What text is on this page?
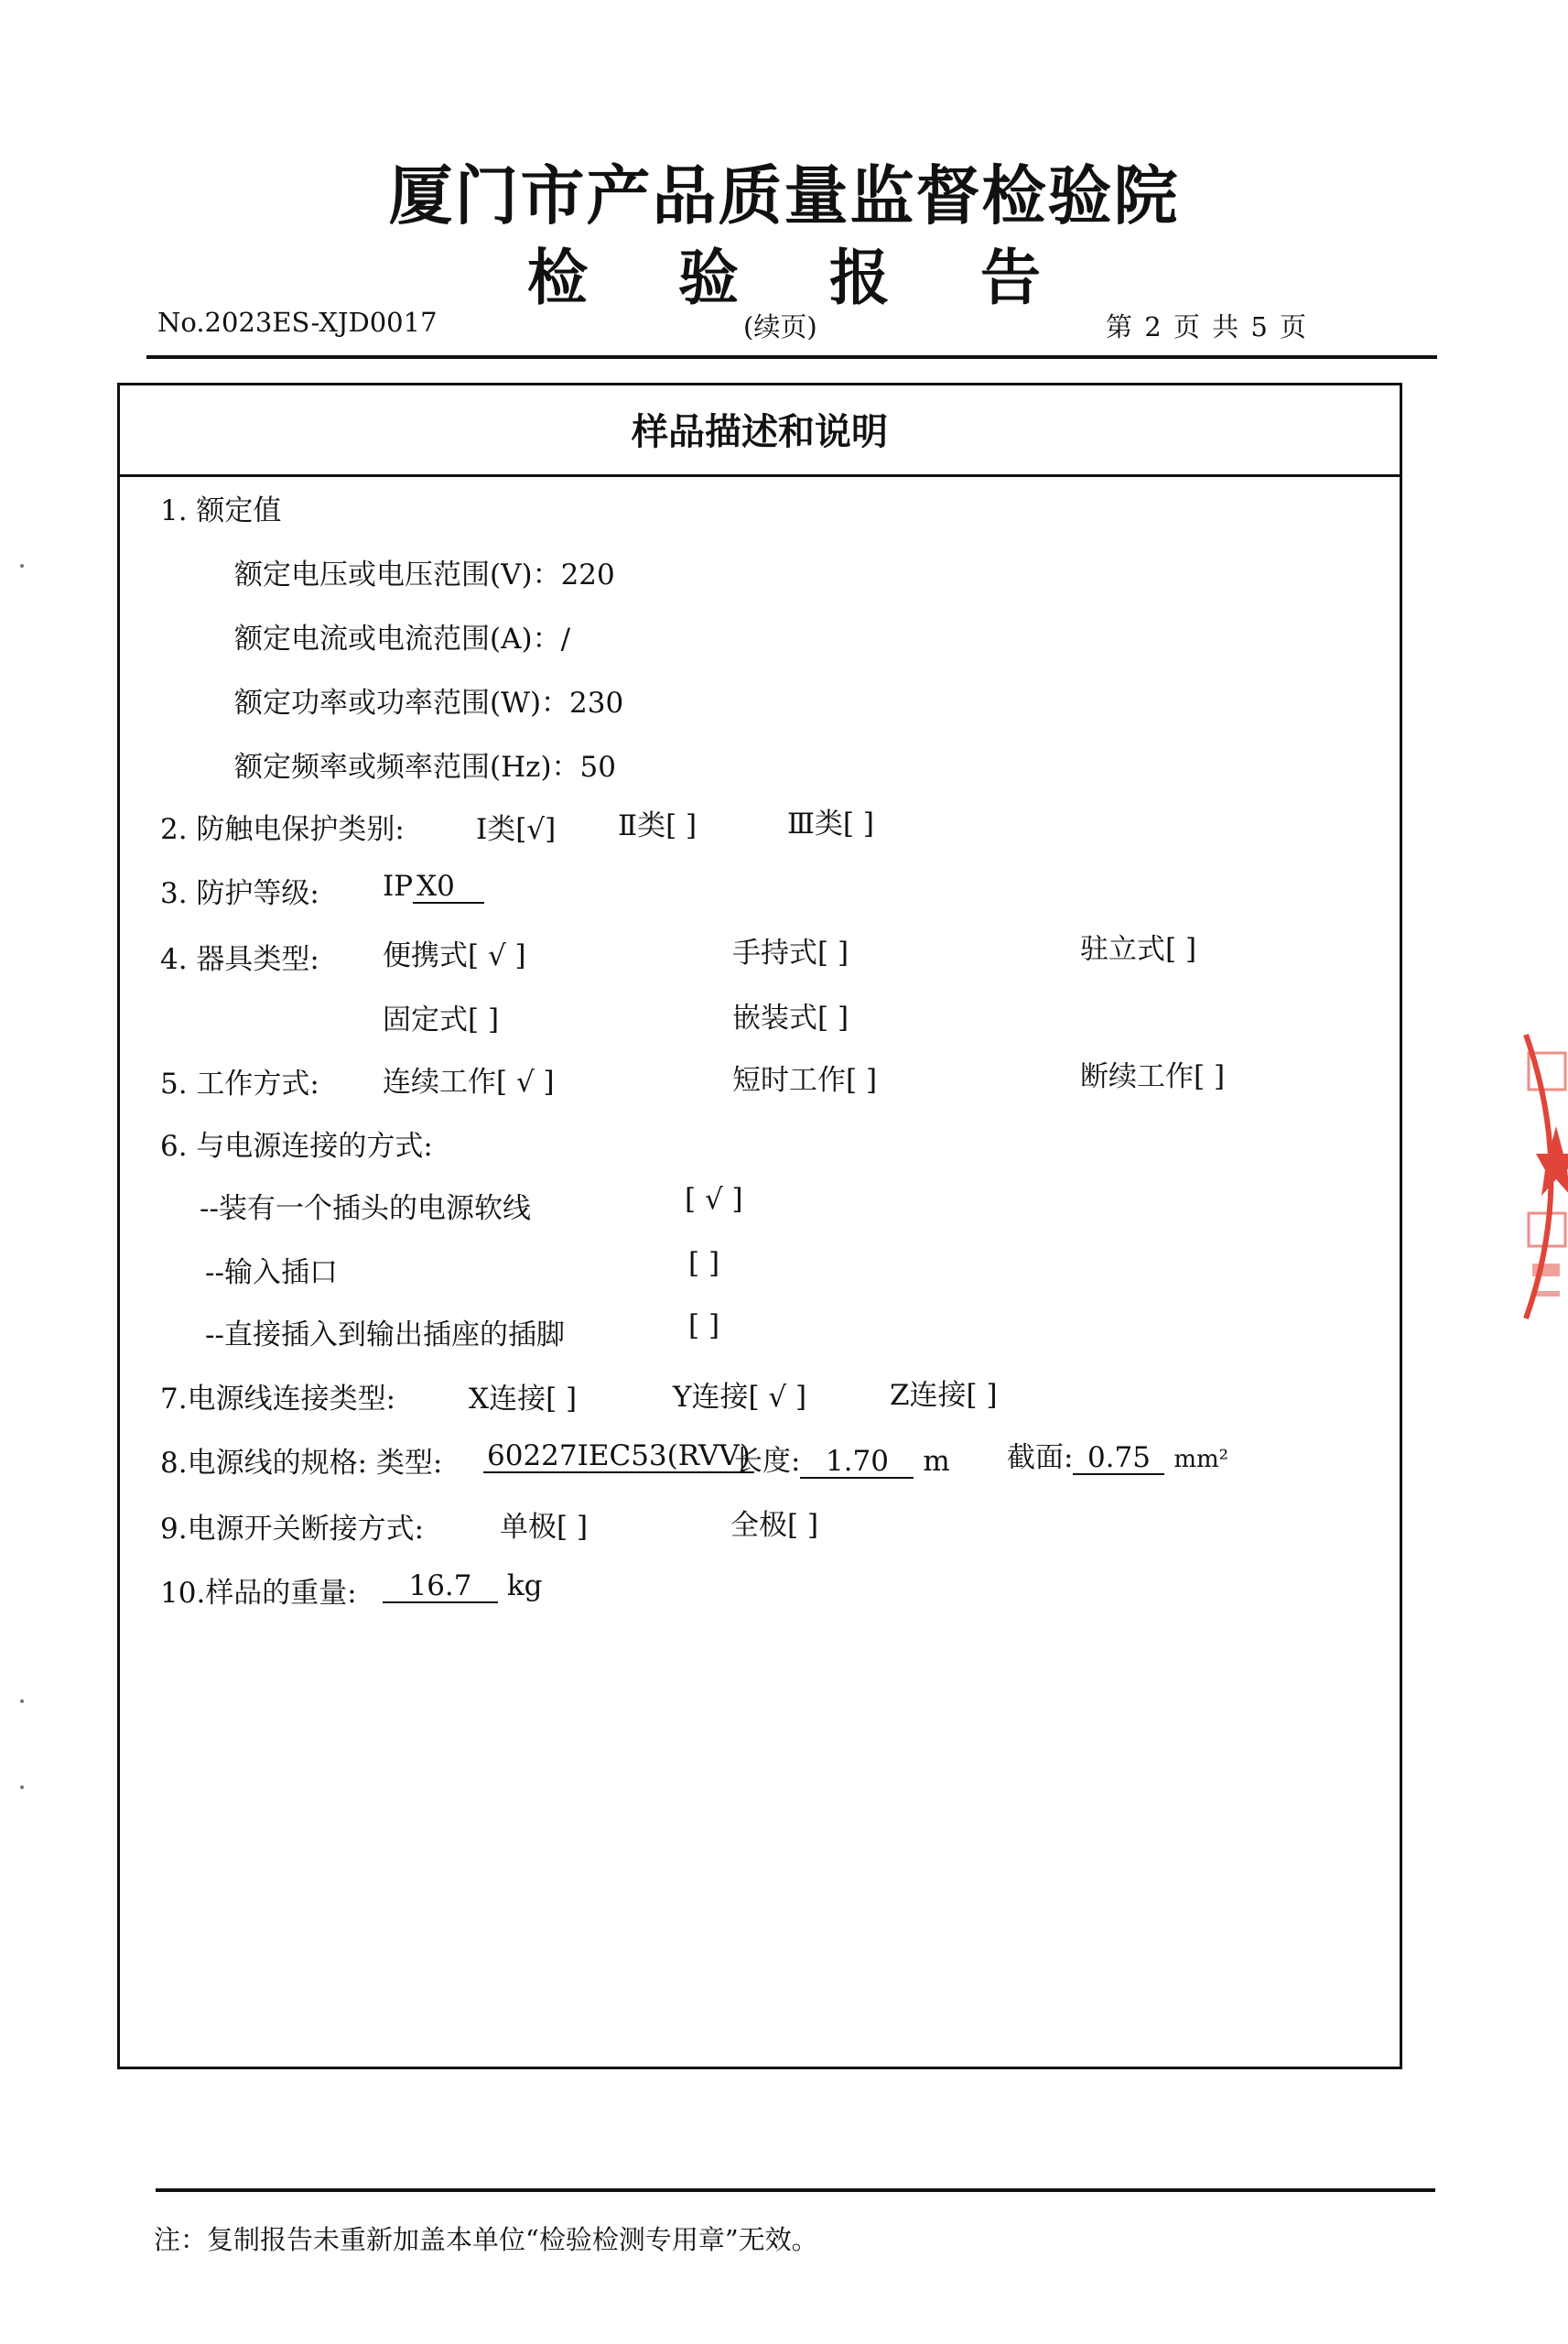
厦门市产品质量监督检验院
检 验 报 告
No.2023ES-XJD0017	(续页)	第 2 页 共 5 页
样品描述和说明
1. 额定值
额定电压或电压范围(V)：220
额定电流或电流范围(A)：/
额定功率或功率范围(W)：230
额定频率或频率范围(Hz)：50
2. 防触电保护类别:	Ⅰ类[√] Ⅱ类[ ]	Ⅲ类[ ]
3. 防护等级: IP X0
4. 器具类型: 便携式[ √ ]	手持式[ ]	驻立式[ ]
固定式[ ]	嵌装式[ ]
5. 工作方式: 连续工作[ √ ]	短时工作[ ]	断续工作[ ]
6. 与电源连接的方式:
--装有一个插头的电源软线	[ √ ]
--输入插口	[ ]
--直接插入到输出插座的插脚	[ ]
7.电源线连接类型:	X连接[ ]	Y连接[ √ ]	Z连接[ ]
8.电源线的规格: 类型: 60227IEC53(RVV)
长度: 1.70 m 截面: 0.75 mm²
9.电源开关断接方式:	单极[ ]	全极[ ]
10.样品的重量:	16.7 kg
注：复制报告未重新加盖本单位“检验检测专用章”无效。
